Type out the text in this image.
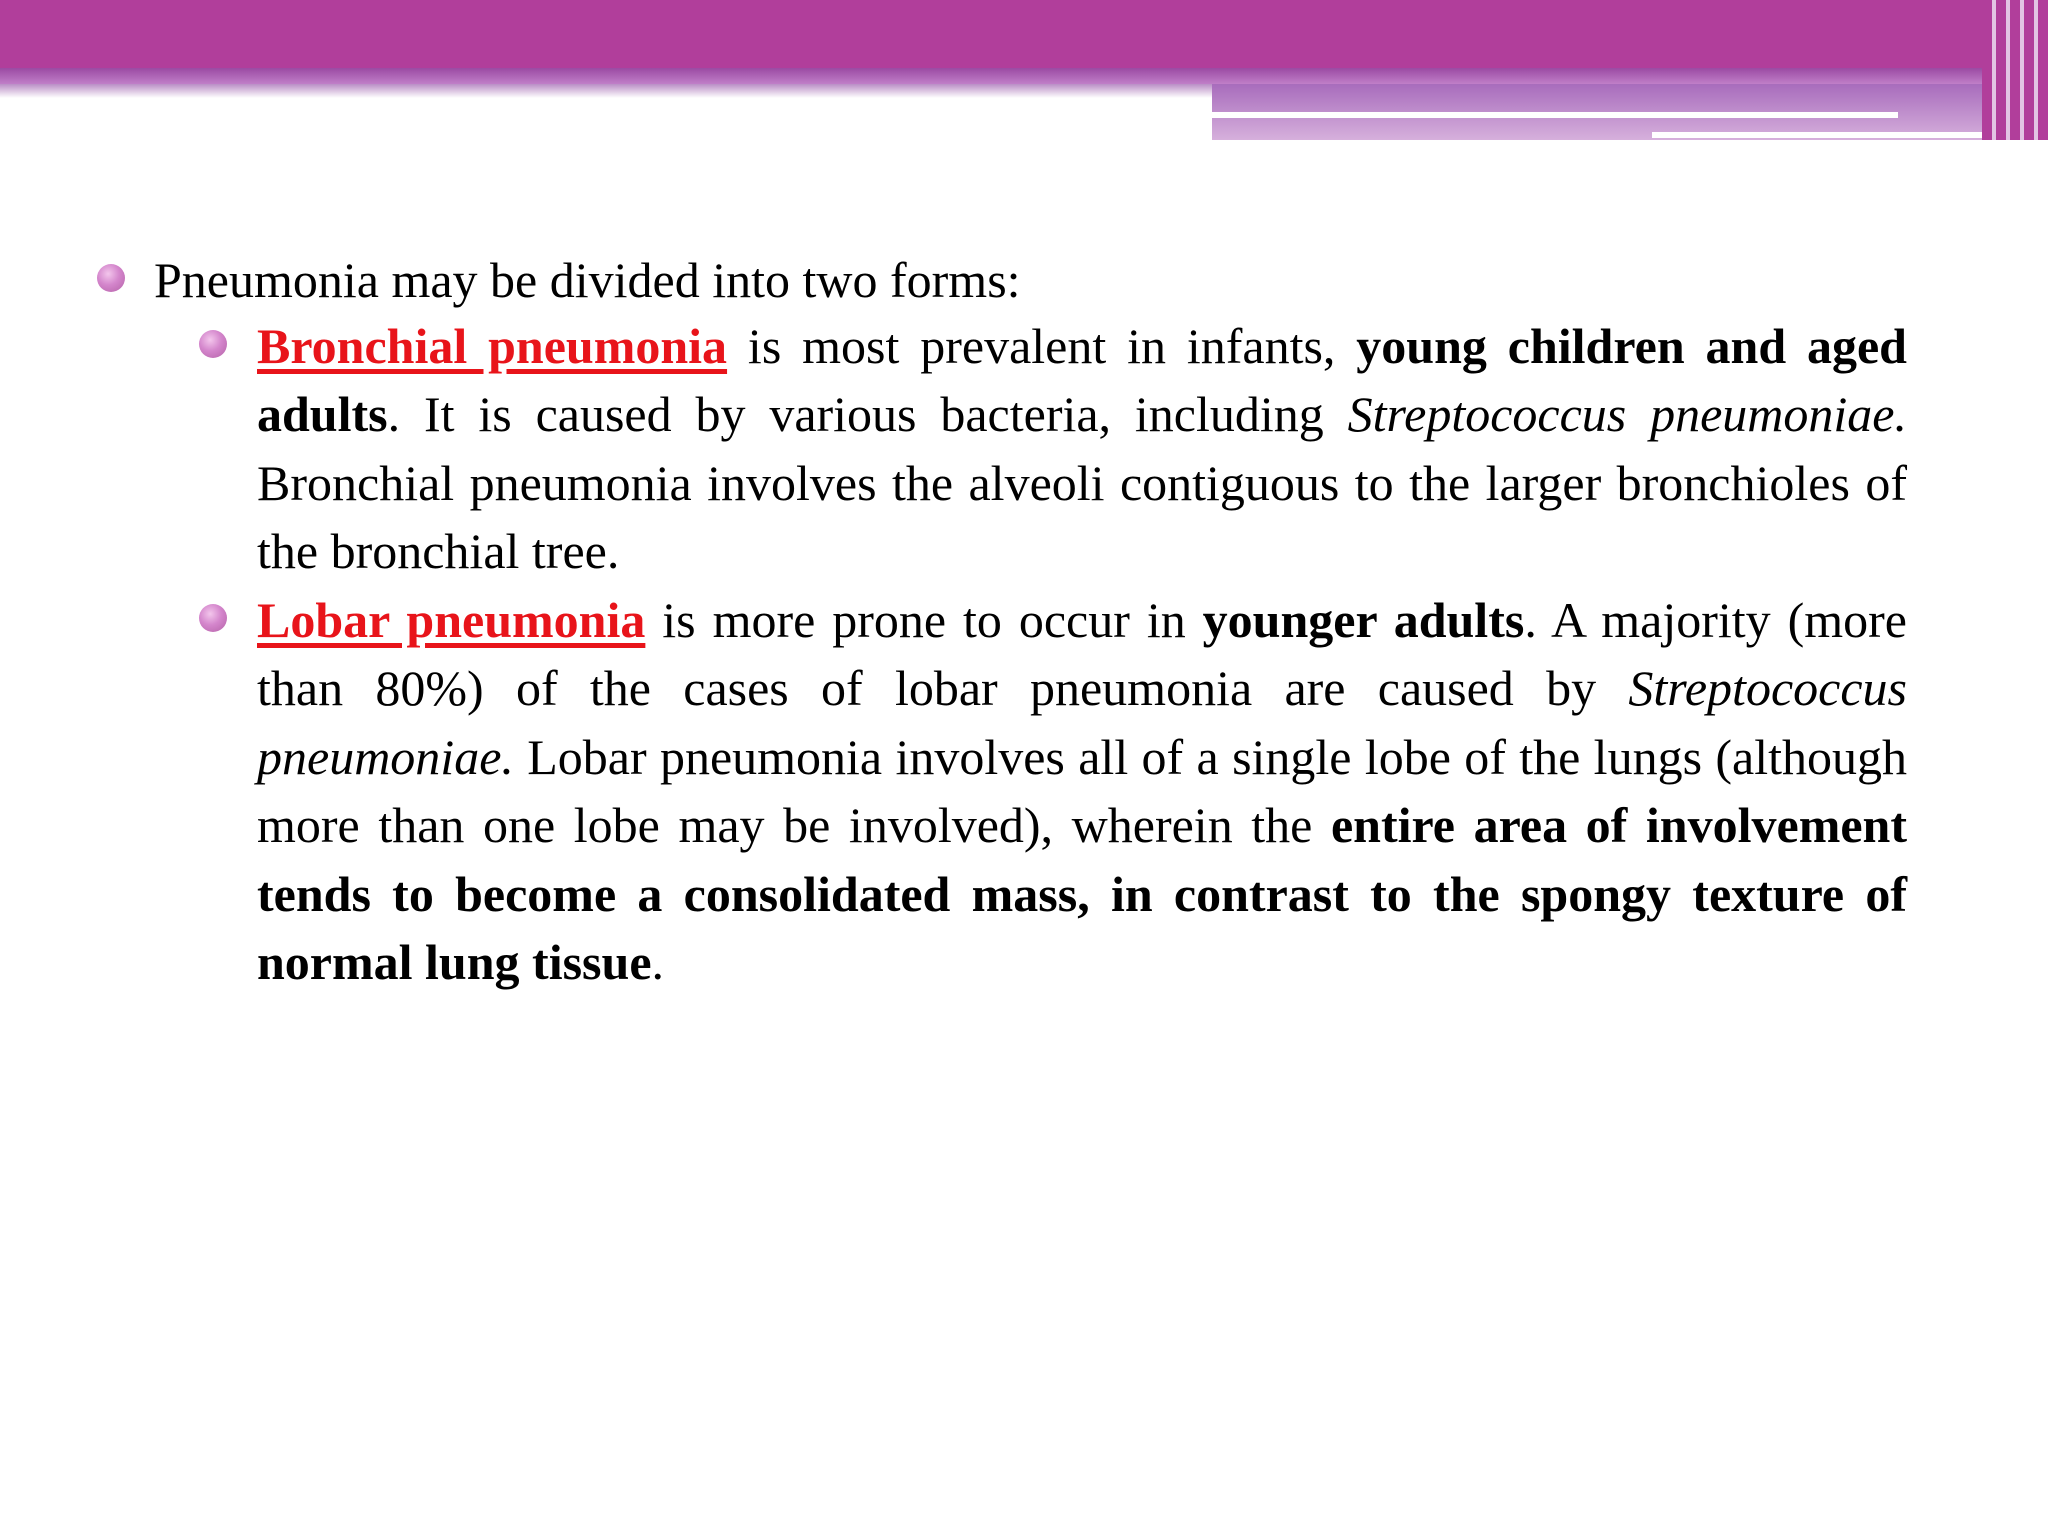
Pneumonia may be divided into two forms:
Bronchial pneumonia is most prevalent in infants, young children and aged adults. It is caused by various bacteria, including Streptococcus pneumoniae. Bronchial pneumonia involves the alveoli contiguous to the larger bronchioles of the bronchial tree.
Lobar pneumonia is more prone to occur in younger adults. A majority (more than 80%) of the cases of lobar pneumonia are caused by Streptococcus pneumoniae. Lobar pneumonia involves all of a single lobe of the lungs (although more than one lobe may be involved), wherein the entire area of involvement tends to become a consolidated mass, in contrast to the spongy texture of normal lung tissue.
